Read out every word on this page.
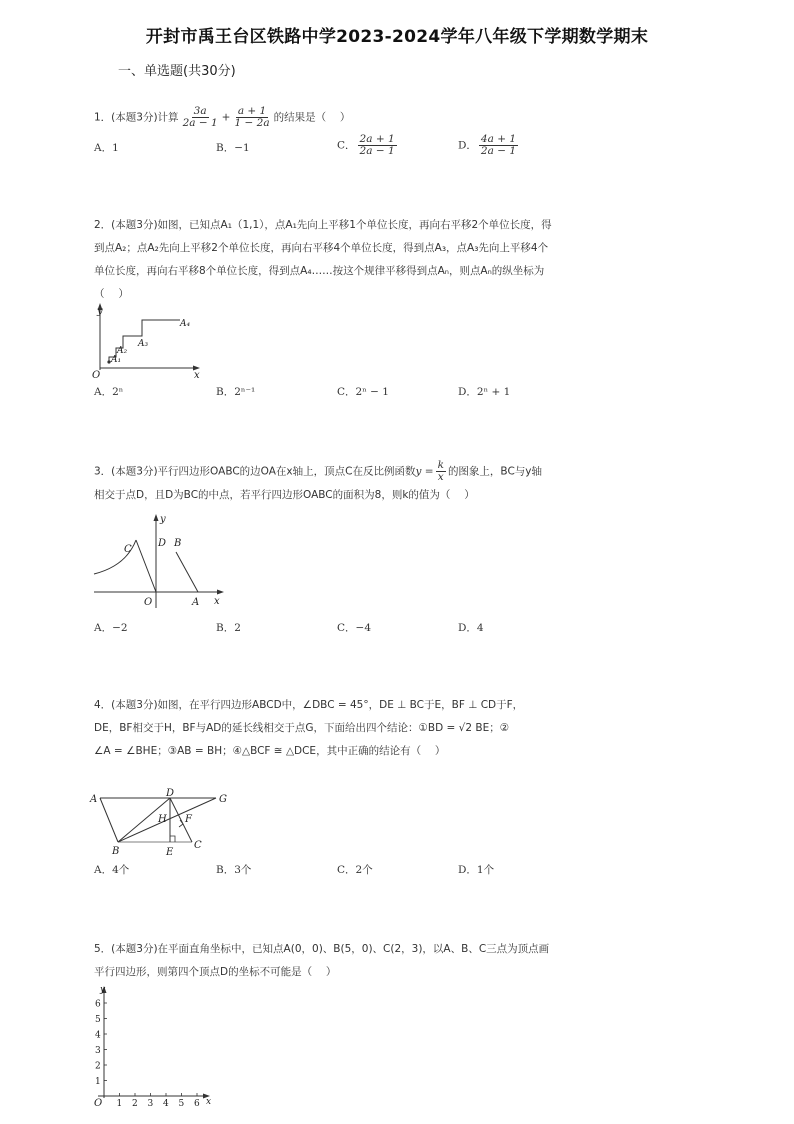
开封市禹王台区铁路中学2023-2024学年八年级下学期数学期末
一、单选题(共30分)
1．(本题3分)计算 $\frac{3a}{2a - 1} + \frac{a + 1}{1 - 2a}$ 的结果是（　 ）
A．1	B．−1	C． $\frac{2a + 1}{2a - 1}$	D． $\frac{4a + 1}{2a - 1}$
2．(本题3分)如图，已知点A₁（1,1），点A₁先向上平移1个单位长度，再向右平移2个单位长度，得
到点A₂；点A₂先向上平移2个单位长度，再向右平移4个单位长度，得到点A₃，点A₃先向上平移4个
单位长度，再向右平移8个单位长度，得到点A₄……按这个规律平移得到点Aₙ，则点Aₙ的纵坐标为
（　 ）
y
x
O
A₁
A₂
A₃
A₄
A．2ⁿ	B．2ⁿ⁻¹	C．2ⁿ − 1	D．2ⁿ + 1
3．(本题3分)平行四边形OABC的边OA在x轴上，顶点C在反比例函数$y = \frac{k}{x}$ 的图象上，BC与y轴
相交于点D，且D为BC的中点，若平行四边形OABC的面积为8，则k的值为（　 ）
y
x
O
C
D B
A
A．−2	B．2	C．−4	D．4
4．(本题3分)如图，在平行四边形ABCD中，∠DBC = 45°，DE ⊥ BC于E，BF ⊥ CD于F，
DE，BF相交于H，BF与AD的延长线相交于点G，下面给出四个结论：①BD = √2 BE；②
∠A = ∠BHE；③AB = BH；④△BCF ≅ △DCE，其中正确的结论有（　 ）
A
D
G
H F
B	E
C
A．4个	B．3个	C．2个	D．1个
5．(本题3分)在平面直角坐标中，已知点A(0，0)、B(5，0)、C(2，3)，以A、B、C三点为顶点画
平行四边形，则第四个顶点D的坐标不可能是（　 ）
1
2
3
4
5
6
1 2 3 4 5 6
y
x
O
